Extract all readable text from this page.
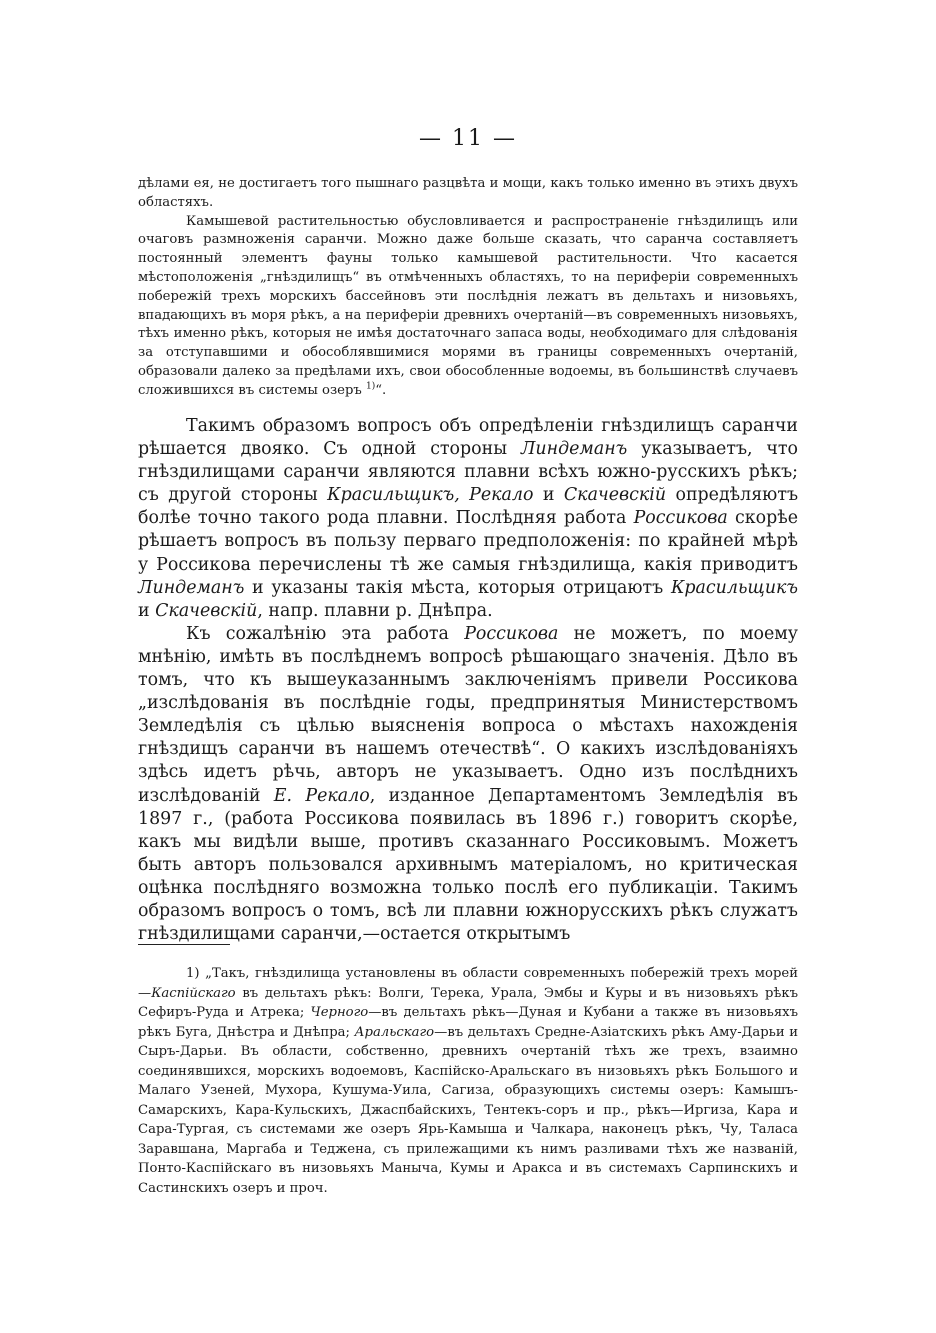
— 11 —

дѣлами ея, не достигаетъ того пышнаго разцвѣта и мощи, какъ только именно въ этихъ двухъ областяхъ.

Камышевой растительностью обусловливается и распространеніе гнѣздилищъ или очаговъ размноженія саранчи. Можно даже больше сказать, что саранча составляетъ постоянный элементъ фауны только камышевой растительности. Что касается мѣстоположенія „гнѣздилищъ“ въ отмѣченныхъ областяхъ, то на периферіи современныхъ побережій трехъ морскихъ бассейновъ эти послѣднія лежатъ въ дельтахъ и низовьяхъ, впадающихъ въ моря рѣкъ, а на периферіи древнихъ очертаній—въ современныхъ низовьяхъ, тѣхъ именно рѣкъ, которыя не имѣя достаточнаго запаса воды, необходимаго для слѣдованія за отступавшими и обособлявшимися морями въ границы современныхъ очертаній, образовали далеко за предѣлами ихъ, свои обособленные водоемы, въ большинствѣ случаевъ сложившихся въ системы озеръ $^{1)}$“.

Такимъ образомъ вопросъ объ опредѣленіи гнѣздилищъ саранчи рѣшается двояко. Съ одной стороны Линдеманъ указываетъ, что гнѣздилищами саранчи являются плавни всѣхъ южно-русскихъ рѣкъ; съ другой стороны Красильщикъ, Рекало и Скачевскій опредѣляютъ болѣе точно такого рода плавни. Послѣдняя работа Россикова скорѣе рѣшаетъ вопросъ въ пользу перваго предположенія: по крайней мѣрѣ у Россикова перечислены тѣ же самыя гнѣздилища, какія приводитъ Линдеманъ и указаны такія мѣста, которыя отрицаютъ Красильщикъ и Скачевскій, напр. плавни р. Днѣпра.

Къ сожалѣнію эта работа Россикова не можетъ, по моему мнѣнію, имѣть въ послѣднемъ вопросѣ рѣшающаго значенія. Дѣло въ томъ, что къ вышеуказаннымъ заключеніямъ привели Россикова „изслѣдованія въ послѣдніе годы, предпринятыя Министерствомъ Земледѣлія съ цѣлью выясненія вопроса о мѣстахъ нахожденія гнѣздищъ саранчи въ нашемъ отечествѣ“. О какихъ изслѣдованіяхъ здѣсь идетъ рѣчь, авторъ не указываетъ. Одно изъ послѣднихъ изслѣдованій Е. Рекало, изданное Департаментомъ Земледѣлія въ 1897 г., (работа Россикова появилась въ 1896 г.) говоритъ скорѣе, какъ мы видѣли выше, противъ сказаннаго Россиковымъ. Можетъ быть авторъ пользовался архивнымъ матеріаломъ, но критическая оцѣнка послѣдняго возможна только послѣ его публикаціи. Такимъ образомъ вопросъ о томъ, всѣ ли плавни южнорусскихъ рѣкъ служатъ гнѣздилищами саранчи,—остается открытымъ

1) „Такъ, гнѣздилища установлены въ области современныхъ побережій трехъ морей—Каспійскаго въ дельтахъ рѣкъ: Волги, Терека, Урала, Эмбы и Куры и въ низовьяхъ рѣкъ Сефиръ-Руда и Атрека; Черного—въ дельтахъ рѣкъ—Дуная и Кубани а также въ низовьяхъ рѣкъ Буга, Днѣстра и Днѣпра; Аральскаго—въ дельтахъ Средне-Азіатскихъ рѣкъ Аму-Дарьи и Сыръ-Дарьи. Въ области, собственно, древнихъ очертаній тѣхъ же трехъ, взаимно соединявшихся, морскихъ водоемовъ, Каспійско-Аральскаго въ низовьяхъ рѣкъ Большого и Малаго Узеней, Мухора, Кушума-Уила, Сагиза, образующихъ системы озеръ: Камышъ-Самарскихъ, Кара-Кульскихъ, Джаспбайскихъ, Тентекъ-соръ и пр., рѣкъ—Иргиза, Кара и Сара-Тургая, съ системами же озеръ Ярь-Камыша и Чалкара, наконецъ рѣкъ, Чу, Таласа Заравшана, Маргаба и Теджена, съ прилежащими къ нимъ разливами тѣхъ же названій, Понто-Каспійскаго въ низовьяхъ Манычa, Кумы и Аракса и въ системахъ Сарпинскихъ и Састинскихъ озеръ и проч.
